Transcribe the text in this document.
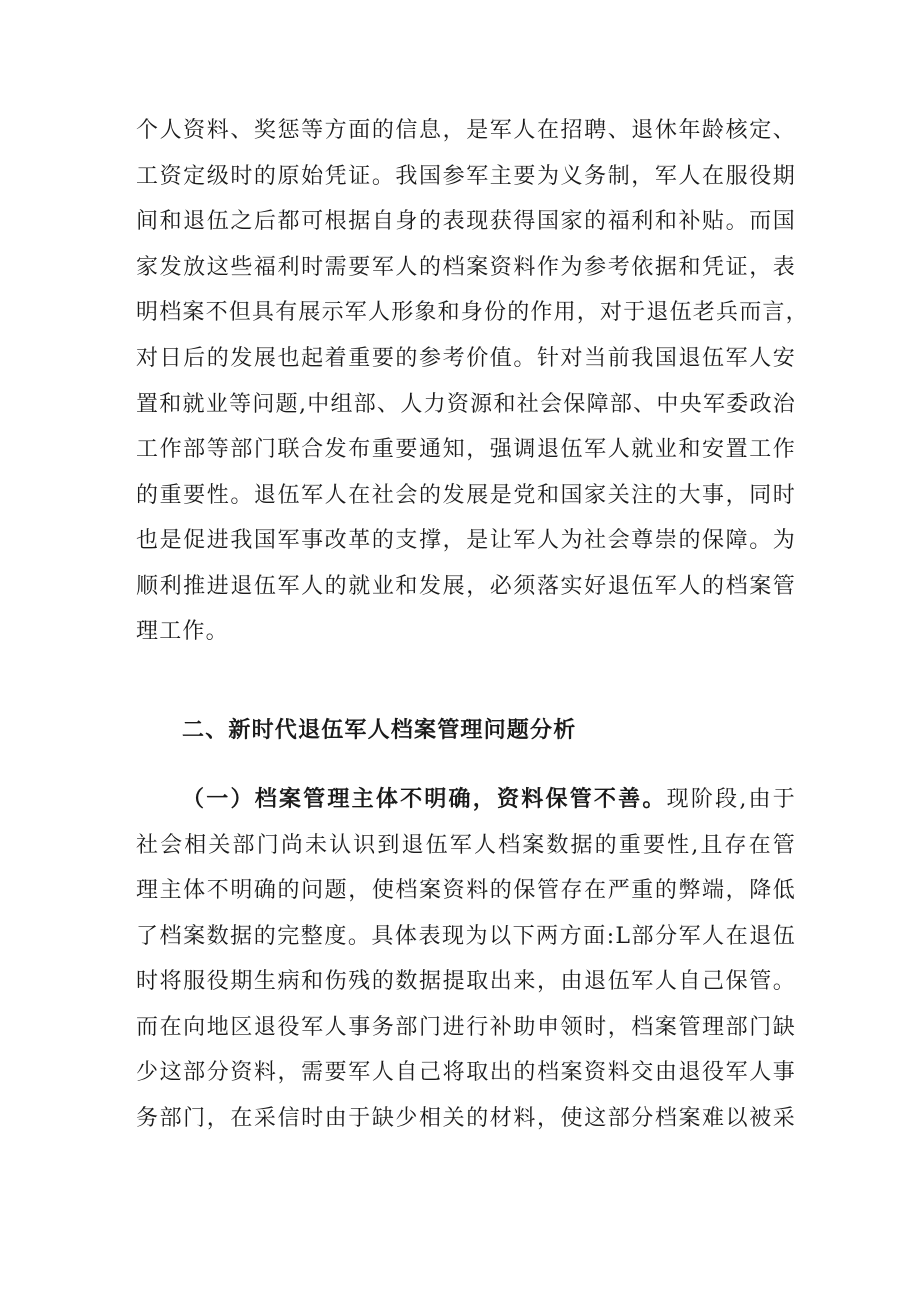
个人资料、奖惩等方面的信息，是军人在招聘、退休年龄核定、
工资定级时的原始凭证。我国参军主要为义务制，军人在服役期
间和退伍之后都可根据自身的表现获得国家的福利和补贴。而国
家发放这些福利时需要军人的档案资料作为参考依据和凭证，表
明档案不但具有展示军人形象和身份的作用，对于退伍老兵而言，
对日后的发展也起着重要的参考价值。针对当前我国退伍军人安
置和就业等问题,中组部、人力资源和社会保障部、中央军委政治
工作部等部门联合发布重要通知，强调退伍军人就业和安置工作
的重要性。退伍军人在社会的发展是党和国家关注的大事，同时
也是促进我国军事改革的支撑，是让军人为社会尊崇的保障。为
顺利推进退伍军人的就业和发展，必须落实好退伍军人的档案管
理工作。
二、新时代退伍军人档案管理问题分析
（一）档案管理主体不明确，资料保管不善。现阶段,由于
社会相关部门尚未认识到退伍军人档案数据的重要性,且存在管
理主体不明确的问题，使档案资料的保管存在严重的弊端，降低
了档案数据的完整度。具体表现为以下两方面:L部分军人在退伍
时将服役期生病和伤残的数据提取出来，由退伍军人自己保管。
而在向地区退役军人事务部门进行补助申领时，档案管理部门缺
少这部分资料，需要军人自己将取出的档案资料交由退役军人事
务部门，在采信时由于缺少相关的材料，使这部分档案难以被采
